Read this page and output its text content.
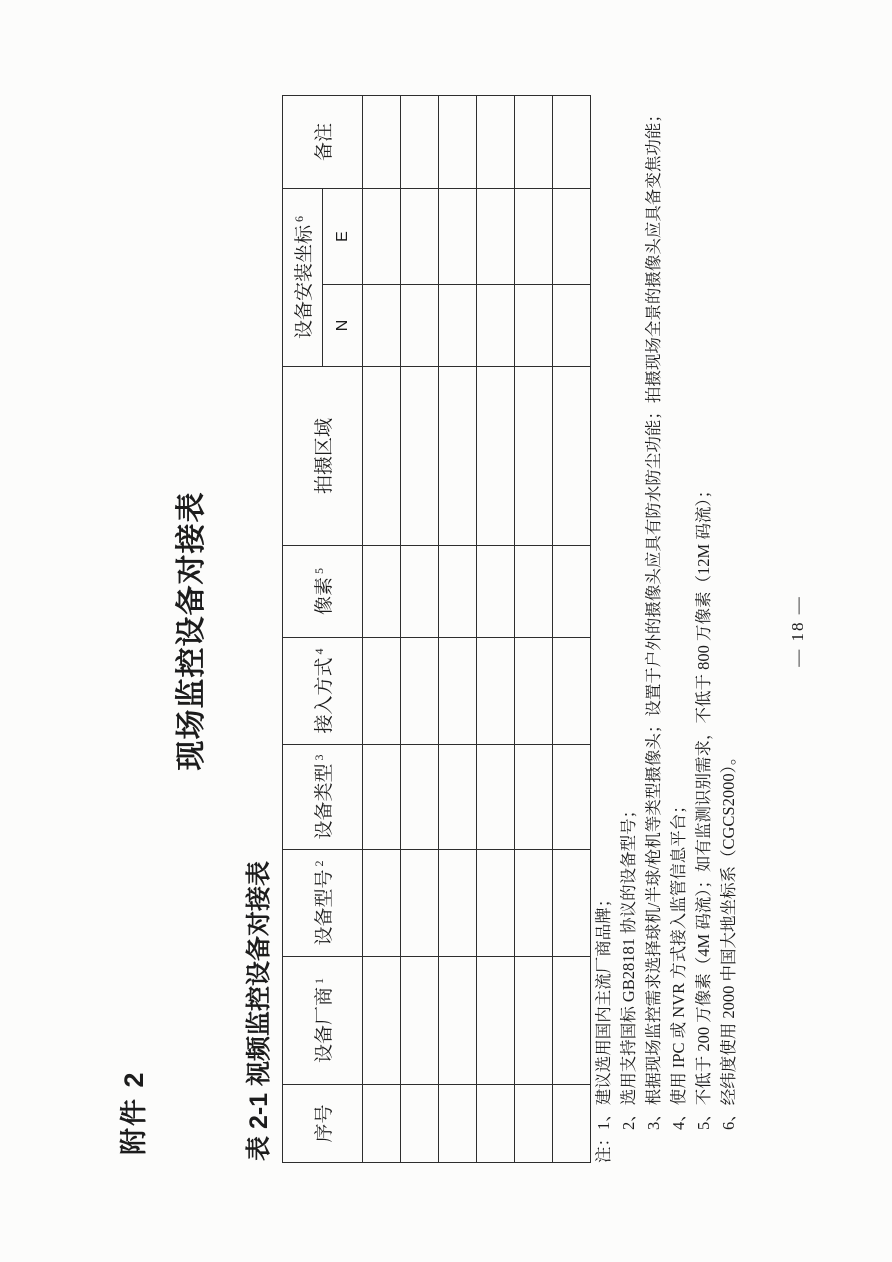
附件 2
现场监控设备对接表
表 2-1 视频监控设备对接表 序号	设备厂商$^1$	设备型号$^2$	设备类型$^3$	接入方式$^4$	像素$^5$	拍摄区域	设备安装坐标$^6$		备注
							N	E	

注：1、建议选用国内主流厂商品牌； 2、选用支持国标 GB28181 协议的设备型号； 3、根据现场监控需求选择球机/半球/枪机等类型摄像头；设置于户外的摄像头应具有防水防尘功能；拍摄现场全景的摄像头应具备变焦功能； 4、使用 IPC 或 NVR 方式接入监管信息平台； 5、不低于 200 万像素（4M 码流）；如有监测识别需求，不低于 800 万像素（12M 码流）； 6、经纬度使用 2000 中国大地坐标系（CGCS2000）。

— 18 —
